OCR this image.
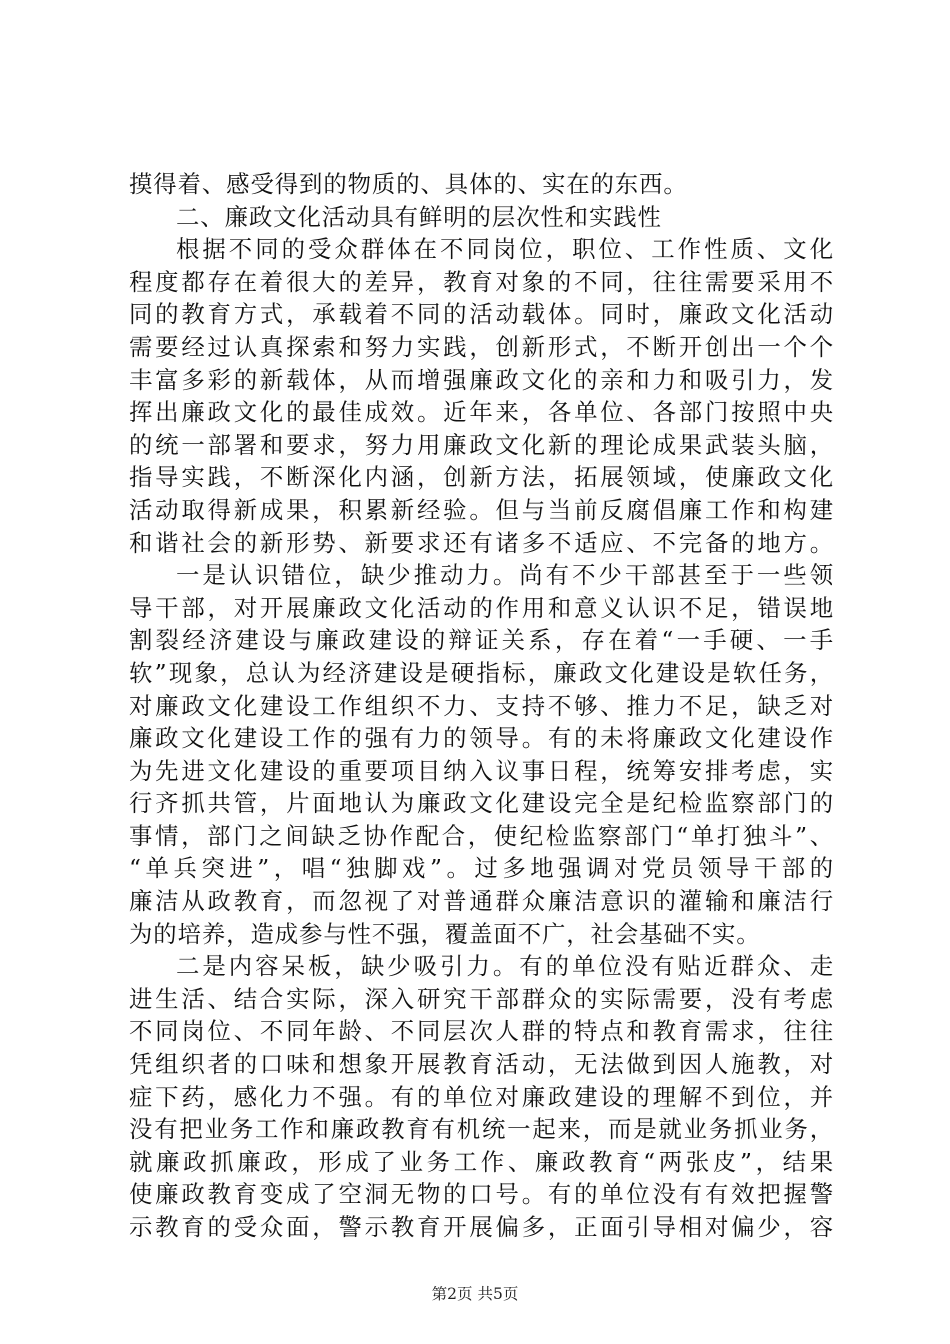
摸得着、感受得到的物质的、具体的、实在的东西。
二、廉政文化活动具有鲜明的层次性和实践性
根据不同的受众群体在不同岗位，职位、工作性质、文化
程度都存在着很大的差异，教育对象的不同，往往需要采用不
同的教育方式，承载着不同的活动载体。同时，廉政文化活动
需要经过认真探索和努力实践，创新形式，不断开创出一个个
丰富多彩的新载体，从而增强廉政文化的亲和力和吸引力，发
挥出廉政文化的最佳成效。近年来，各单位、各部门按照中央
的统一部署和要求，努力用廉政文化新的理论成果武装头脑，
指导实践，不断深化内涵，创新方法，拓展领域，使廉政文化
活动取得新成果，积累新经验。但与当前反腐倡廉工作和构建
和谐社会的新形势、新要求还有诸多不适应、不完备的地方。
一是认识错位，缺少推动力。尚有不少干部甚至于一些领
导干部，对开展廉政文化活动的作用和意义认识不足，错误地
割裂经济建设与廉政建设的辩证关系，存在着“一手硬、一手
软”现象，总认为经济建设是硬指标，廉政文化建设是软任务，
对廉政文化建设工作组织不力、支持不够、推力不足，缺乏对
廉政文化建设工作的强有力的领导。有的未将廉政文化建设作
为先进文化建设的重要项目纳入议事日程，统筹安排考虑，实
行齐抓共管，片面地认为廉政文化建设完全是纪检监察部门的
事情，部门之间缺乏协作配合，使纪检监察部门“单打独斗”、
“单兵突进”，唱“独脚戏”。过多地强调对党员领导干部的
廉洁从政教育，而忽视了对普通群众廉洁意识的灌输和廉洁行
为的培养，造成参与性不强，覆盖面不广，社会基础不实。
二是内容呆板，缺少吸引力。有的单位没有贴近群众、走
进生活、结合实际，深入研究干部群众的实际需要，没有考虑
不同岗位、不同年龄、不同层次人群的特点和教育需求，往往
凭组织者的口味和想象开展教育活动，无法做到因人施教，对
症下药，感化力不强。有的单位对廉政建设的理解不到位，并
没有把业务工作和廉政教育有机统一起来，而是就业务抓业务，
就廉政抓廉政，形成了业务工作、廉政教育“两张皮”，结果
使廉政教育变成了空洞无物的口号。有的单位没有有效把握警
示教育的受众面，警示教育开展偏多，正面引导相对偏少，容
第2页 共5页
